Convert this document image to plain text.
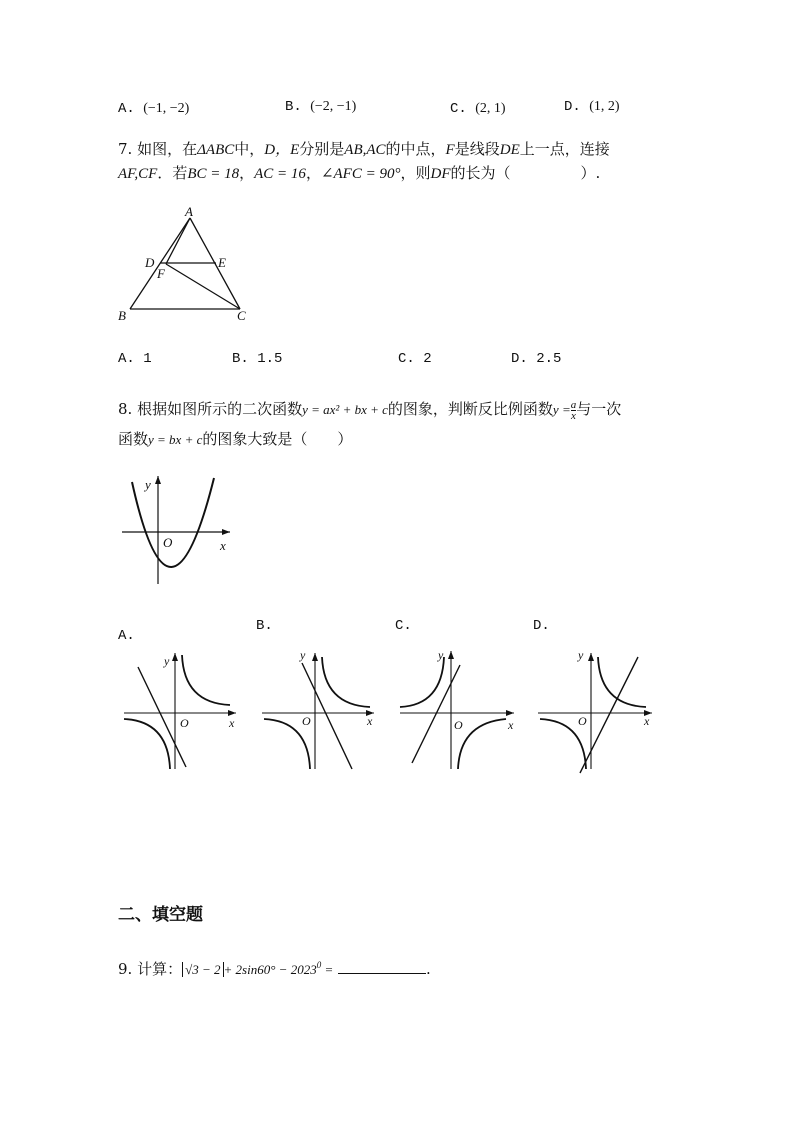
A. (−1, −2)	B. (−2, −1)	C. (2, 1)	D. (1, 2)
7. 如图，在ΔABC中，D，E分别是AB,AC的中点，F是线段DE上一点，连接
AF,CF．若BC = 18，AC = 16，∠AFC = 90°，则DF的长为（	）.
A
B	C
D	E
F
A. 1	B. 1.5	C. 2	D. 2.5
8. 根据如图所示的二次函数y = ax² + bx + c的图象，判断反比例函数$y = \frac{a}{x}$ 与一次
函数y = bx + c的图象大致是（　　）
y
x
O
A.
B.	C.	D.
y
x
O
y
x
O
y
x
O
y
x
O
二、填空题
9. 计算： $√3 - 2 + 2\sin 60^\circ - 2023^0$ =	.
